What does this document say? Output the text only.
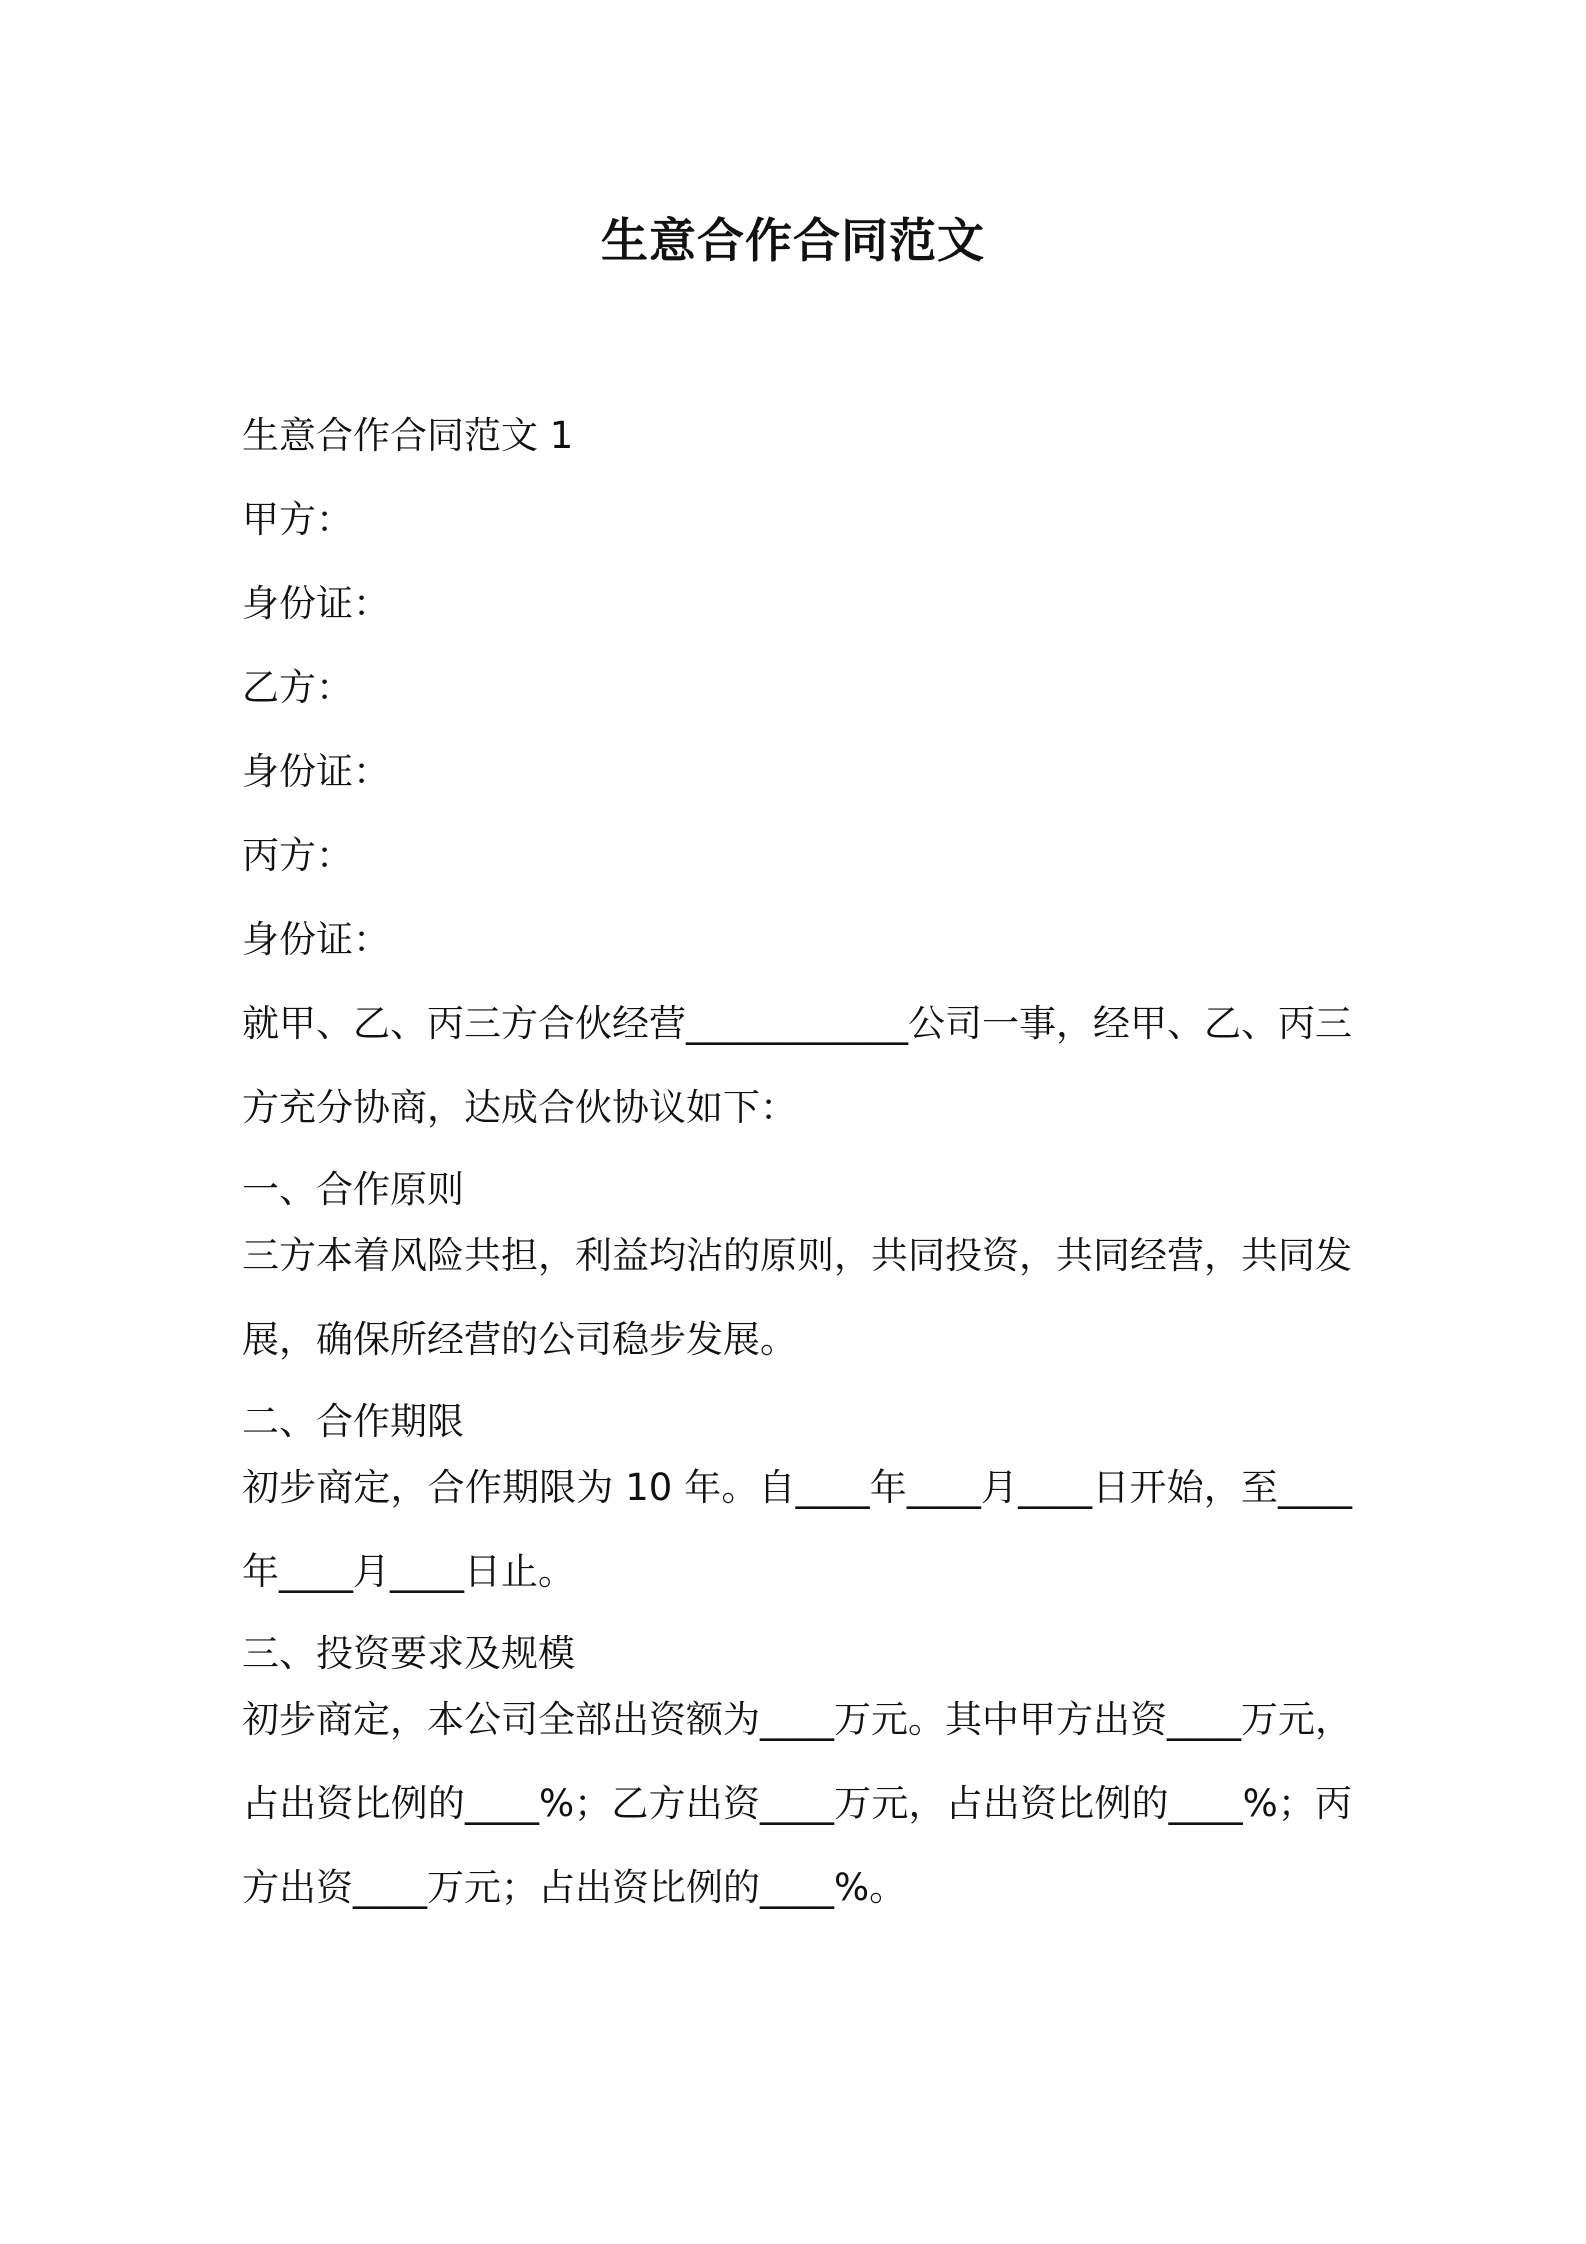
生意合作合同范文
生意合作合同范文 1
甲方：
身份证：
乙方：
身份证：
丙方：
身份证：
就甲、乙、丙三方合伙经营____________公司一事，经甲、乙、丙三方充分协商，达成合伙协议如下：
一、合作原则
三方本着风险共担，利益均沾的原则，共同投资，共同经营，共同发展，确保所经营的公司稳步发展。
二、合作期限
初步商定，合作期限为 10 年。自____年____月____日开始，至____年____月____日止。
三、投资要求及规模
初步商定，本公司全部出资额为____万元。其中甲方出资____万元，占出资比例的____%；乙方出资____万元，占出资比例的____%；丙方出资____万元；占出资比例的____%。
